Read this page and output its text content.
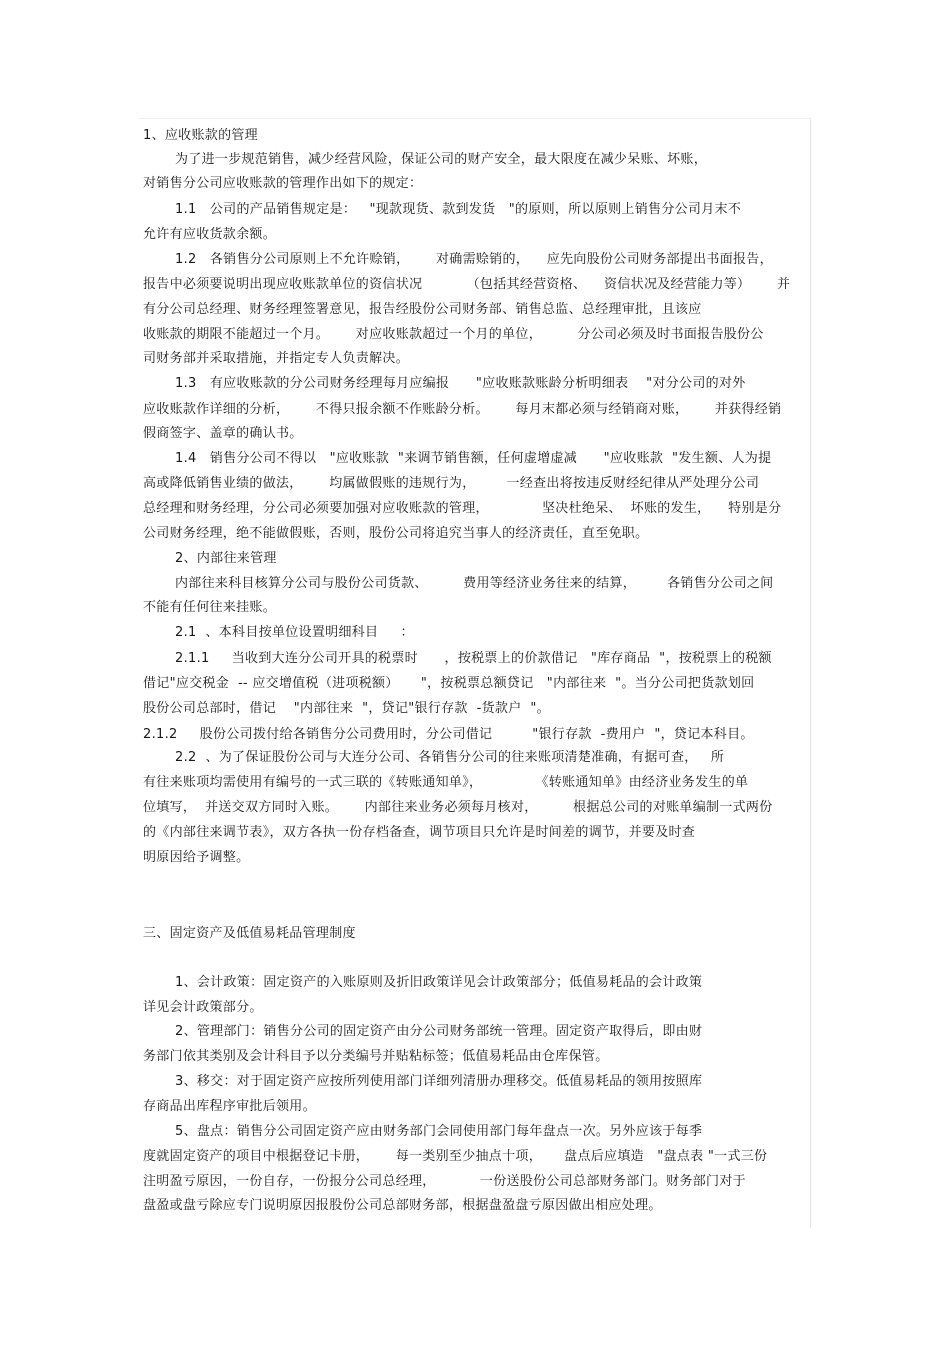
1、应收账款的管理
为了进一步规范销售，减少经营风险，保证公司的财产安全，最大限度在减少呆账、坏账，
对销售分公司应收账款的管理作出如下的规定：
1.1   公司的产品销售规定是：   "现款现货、款到发货   "的原则，所以原则上销售分公司月末不
允许有应收货款余额。
1.2   各销售分公司原则上不允许赊销，      对确需赊销的，    应先向股份公司财务部提出书面报告，
报告中必须要说明出现应收账款单位的资信状况          （包括其经营资格、    资信状况及经营能力等）      并
有分公司总经理、财务经理签署意见，报告经股份公司财务部、销售总监、总经理审批，且该应
收账款的期限不能超过一个月。      对应收账款超过一个月的单位，        分公司必须及时书面报告股份公
司财务部并采取措施，并指定专人负责解决。
1.3   有应收账款的分公司财务经理每月应编报      "应收账款账龄分析明细表    "对分公司的对外
应收账款作详细的分析，      不得只报余额不作账龄分析。      每月末都必须与经销商对账，      并获得经销
假商签字、盖章的确认书。
1.4   销售分公司不得以   "应收账款  "来调节销售额，任何虚增虚减      "应收账款  "发生额、人为提
高或降低销售业绩的做法，      均属做假账的违规行为，       一经查出将按违反财经纪律从严处理分公司
总经理和财务经理，分公司必须要加强对应收账款的管理，            坚决杜绝呆、  坏账的发生，    特别是分
公司财务经理，绝不能做假账，否则，股份公司将追究当事人的经济责任，直至免职。
2、内部往来管理
内部往来科目核算分公司与股份公司货款、        费用等经济业务往来的结算，       各销售分公司之间
不能有任何往来挂账。
2.1  、本科目按单位设置明细科目     ：
2.1.1     当收到大连分公司开具的税票时      ，按税票上的价款借记   "库存商品  "，按税票上的税额
借记"应交税金  -- 应交增值税（进项税额）     "，按税票总额贷记   "内部往来  "。当分公司把货款划回
股份公司总部时，借记    "内部往来  "，贷记"银行存款  -货款户  "。
2.1.2     股份公司拨付给各销售分公司费用时，分公司借记         "银行存款  -费用户  "，贷记本科目。
2.2  、为了保证股份公司与大连分公司、各销售分公司的往来账项清楚准确，有据可查，   所
有往来账项均需使用有编号的一式三联的《转账通知单》，            《转账通知单》由经济业务发生的单
位填写，  并送交双方同时入账。      内部往来业务必须每月核对，        根据总公司的对账单编制一式两份
的《内部往来调节表》，双方各执一份存档备查，调节项目只允许是时间差的调节，并要及时查
明原因给予调整。
三、固定资产及低值易耗品管理制度
1、会计政策：固定资产的入账原则及折旧政策详见会计政策部分；低值易耗品的会计政策
详见会计政策部分。
2、管理部门：销售分公司的固定资产由分公司财务部统一管理。固定资产取得后，即由财
务部门依其类别及会计科目予以分类编号并贴粘标签；低值易耗品由仓库保管。
3、移交：对于固定资产应按所列使用部门详细列清册办理移交。低值易耗品的领用按照库
存商品出库程序审批后领用。
5、盘点：销售分公司固定资产应由财务部门会同使用部门每年盘点一次。另外应该于每季
度就固定资产的项目中根据登记卡册，      每一类别至少抽点十项，     盘点后应填造   "盘点表 "一式三份
注明盈亏原因，一份自存，一份报分公司总经理，          一份送股份公司总部财务部门。财务部门对于
盘盈或盘亏除应专门说明原因报股份公司总部财务部，根据盘盈盘亏原因做出相应处理。
